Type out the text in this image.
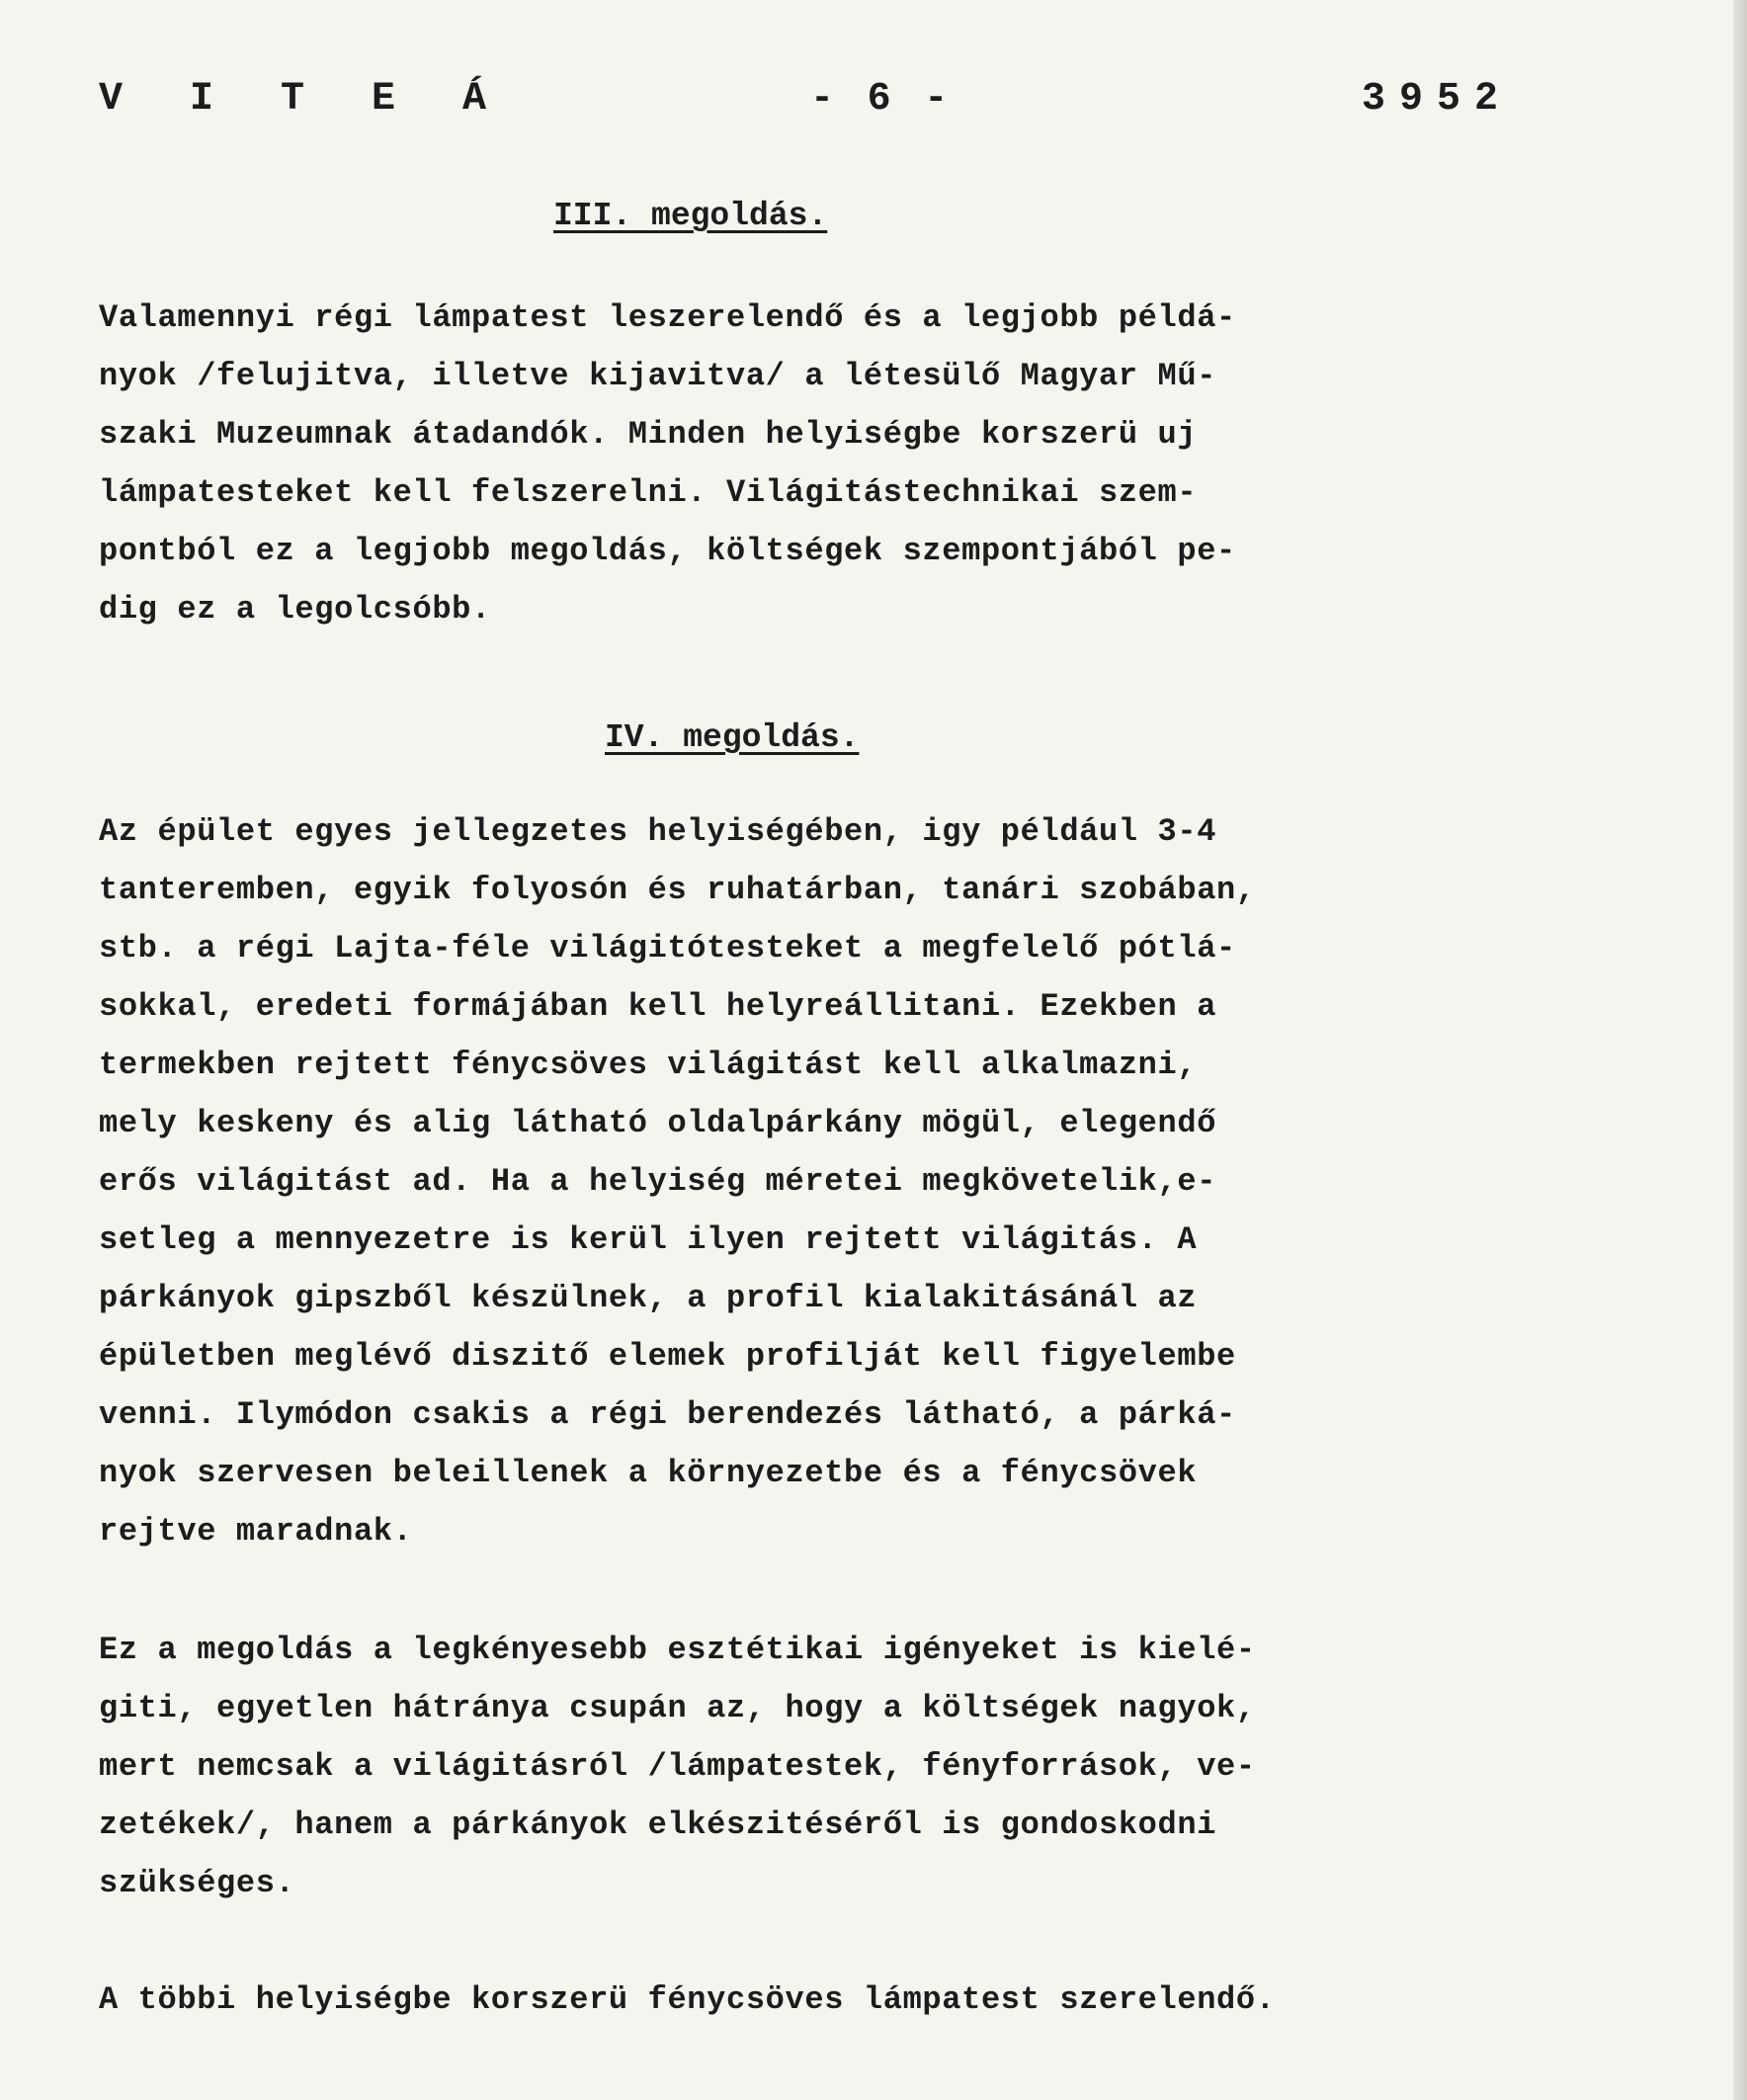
V I T E Á	- 6 -	3952
III. megoldás.
Valamennyi régi lámpatest leszerelendő és a legjobb példá-
nyok /felujitva, illetve kijavitva/ a létesülő Magyar Mű-
szaki Muzeumnak átadandók. Minden helyiségbe korszerü uj
lámpatesteket kell felszerelni. Világitástechnikai szem-
pontból ez a legjobb megoldás, költségek szempontjából pe-
dig ez a legolcsóbb.
IV. megoldás.
Az épület egyes jellegzetes helyiségében, igy például 3-4
tanteremben, egyik folyosón és ruhatárban, tanári szobában,
stb. a régi Lajta-féle világitótesteket a megfelelő pótlá-
sokkal, eredeti formájában kell helyreállitani. Ezekben a
termekben rejtett fénycsöves világitást kell alkalmazni,
mely keskeny és alig látható oldalpárkány mögül, elegendő
erős világitást ad. Ha a helyiség méretei megkövetelik,e-
setleg a mennyezetre is kerül ilyen rejtett világitás. A
párkányok gipszből készülnek, a profil kialakitásánál az
épületben meglévő diszitő elemek profilját kell figyelembe
venni. Ilymódon csakis a régi berendezés látható, a párká-
nyok szervesen beleillenek a környezetbe és a fénycsövek
rejtve maradnak.
Ez a megoldás a legkényesebb esztétikai igényeket is kielé-
giti, egyetlen hátránya csupán az, hogy a költségek nagyok,
mert nemcsak a világitásról /lámpatestek, fényforrások, ve-
zetékek/, hanem a párkányok elkészitéséről is gondoskodni
szükséges.
A többi helyiségbe korszerü fénycsöves lámpatest szerelendő.
